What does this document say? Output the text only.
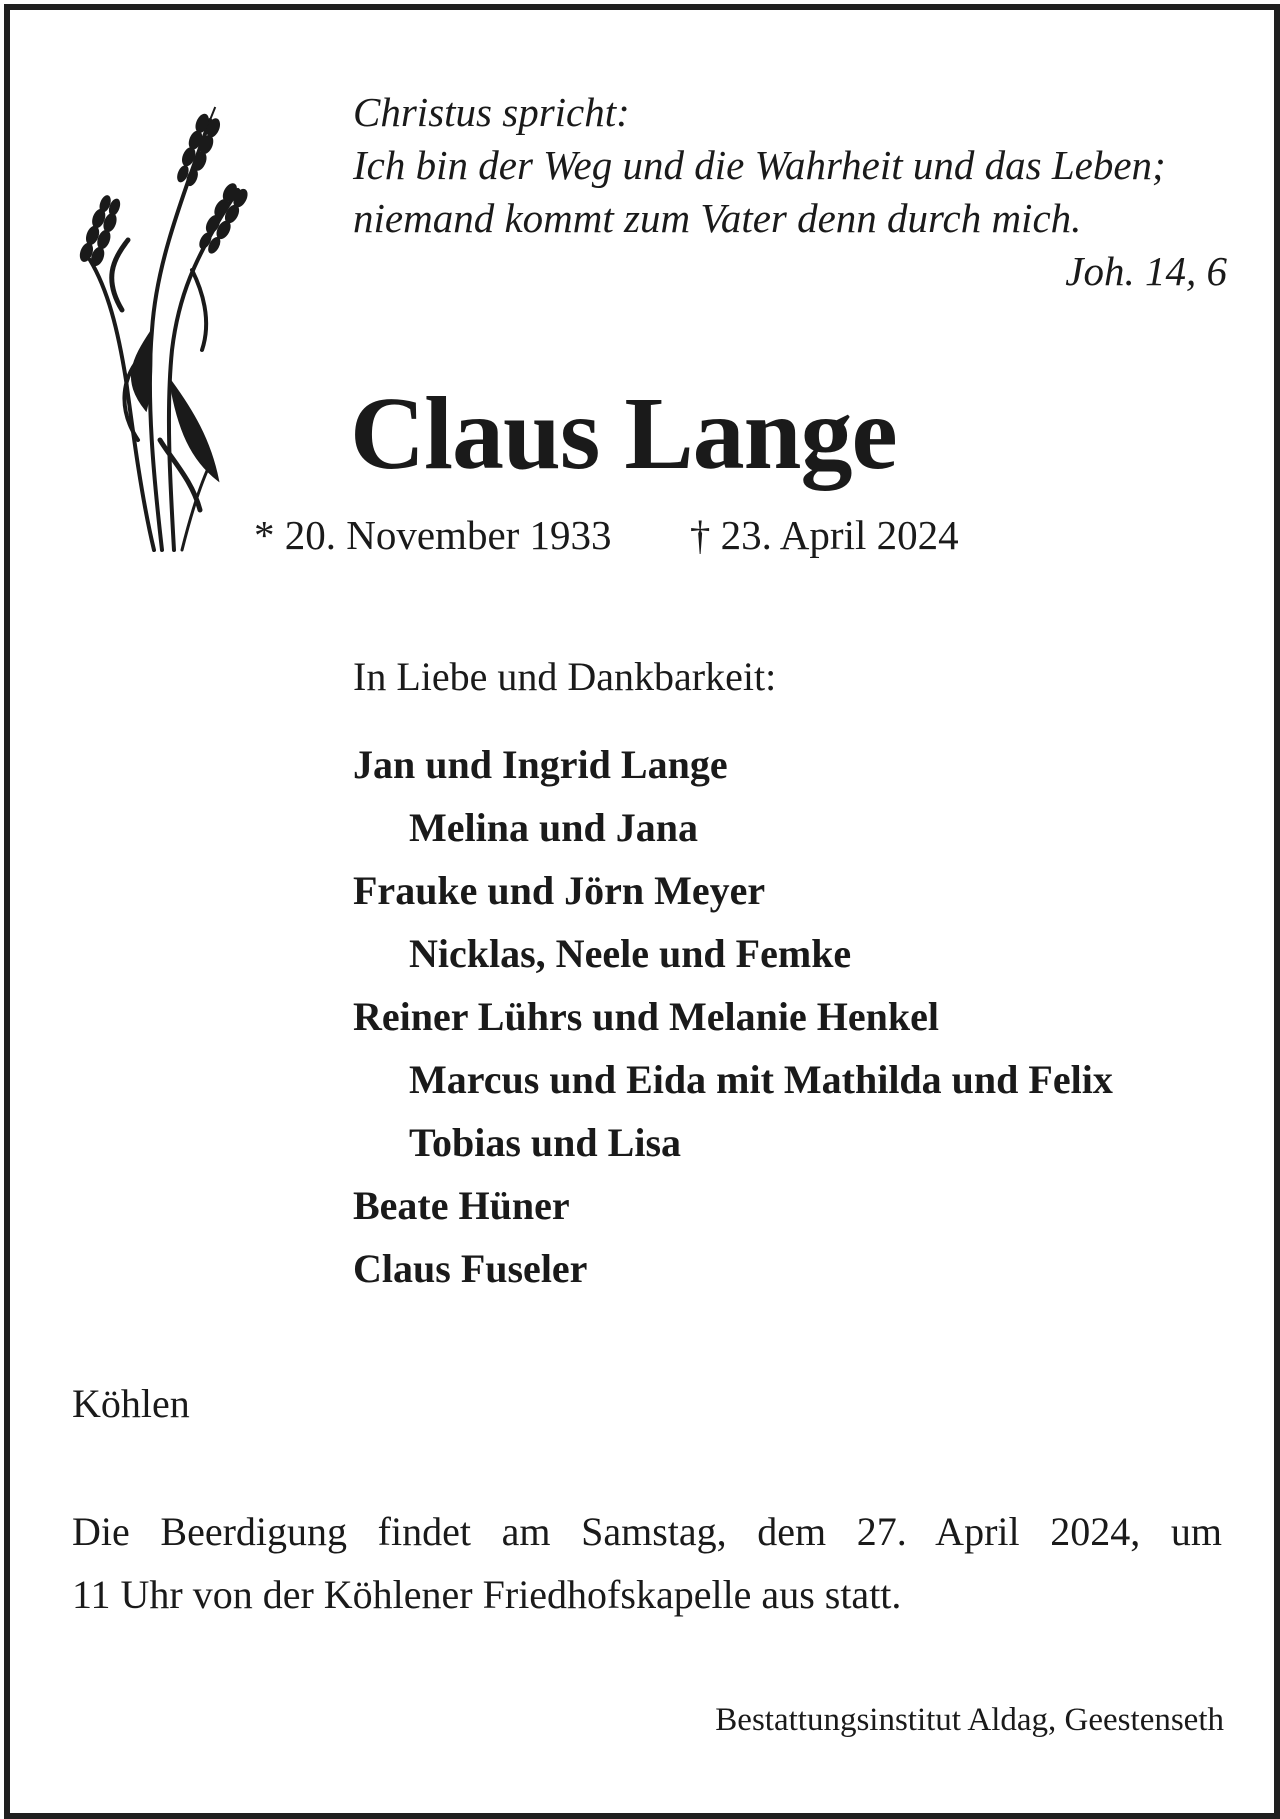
Christus spricht:
Ich bin der Weg und die Wahrheit und das Leben;
niemand kommt zum Vater denn durch mich.
Joh. 14, 6
Claus Lange
* 20. November 1933 † 23. April 2024
In Liebe und Dankbarkeit:
Jan und Ingrid Lange
Melina und Jana
Frauke und Jörn Meyer
Nicklas, Neele und Femke
Reiner Lührs und Melanie Henkel
Marcus und Eida mit Mathilda und Felix
Tobias und Lisa
Beate Hüner
Claus Fuseler
Köhlen
Die Beerdigung findet am Samstag, dem 27. April 2024, um
11 Uhr von der Köhlener Friedhofskapelle aus statt.
Bestattungsinstitut Aldag, Geestenseth
